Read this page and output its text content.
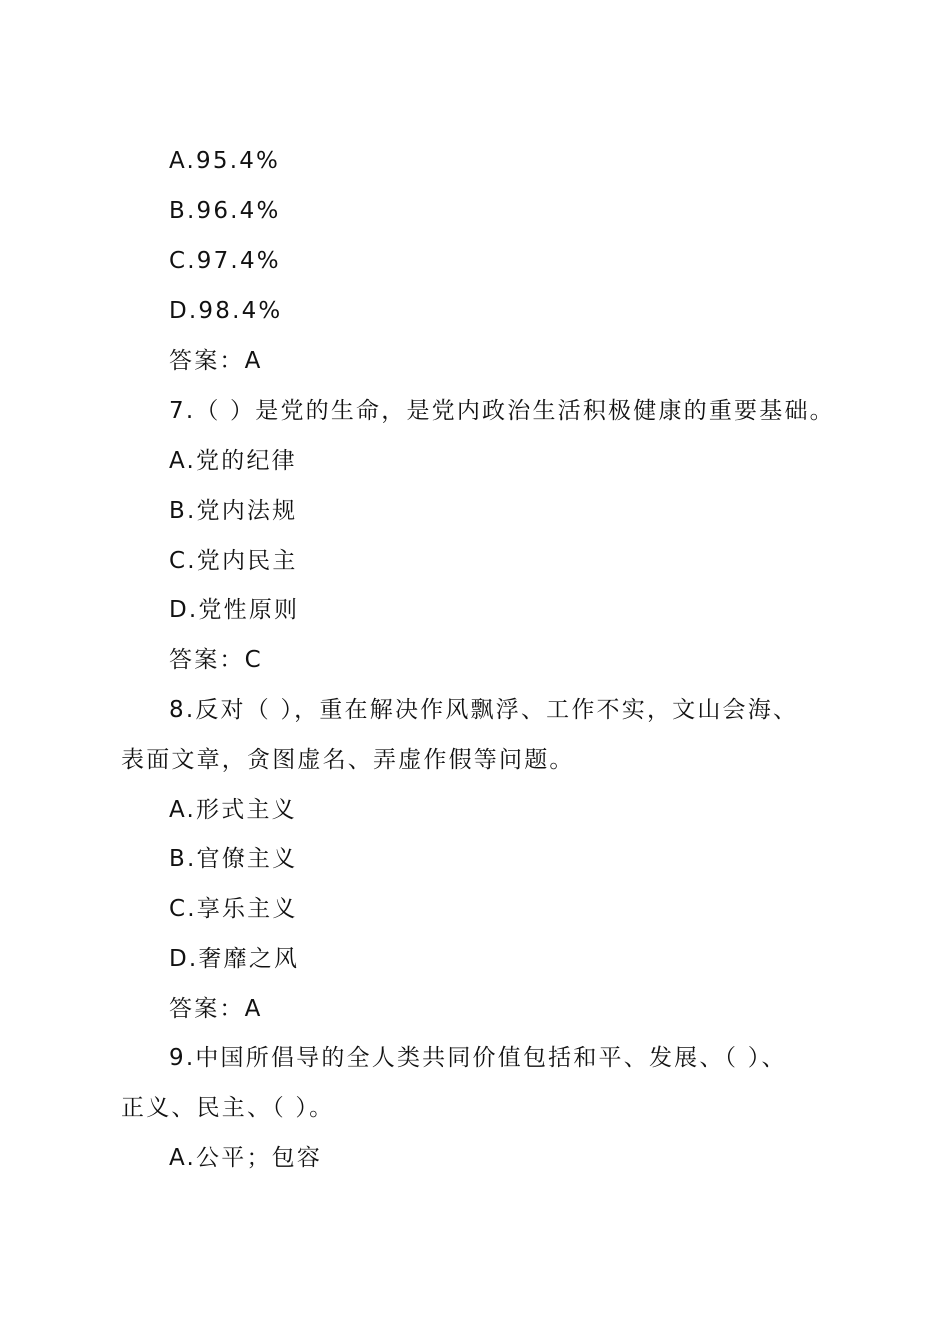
A.95.4%
B.96.4%
C.97.4%
D.98.4%
答案：A
7.（ ）是党的生命，是党内政治生活积极健康的重要基础。
A.党的纪律
B.党内法规
C.党内民主
D.党性原则
答案：C
8.反对（ ），重在解决作风飘浮、工作不实，文山会海、
表面文章，贪图虚名、弄虚作假等问题。
A.形式主义
B.官僚主义
C.享乐主义
D.奢靡之风
答案：A
9.中国所倡导的全人类共同价值包括和平、发展、（ ）、
正义、民主、（ ）。
A.公平；包容
